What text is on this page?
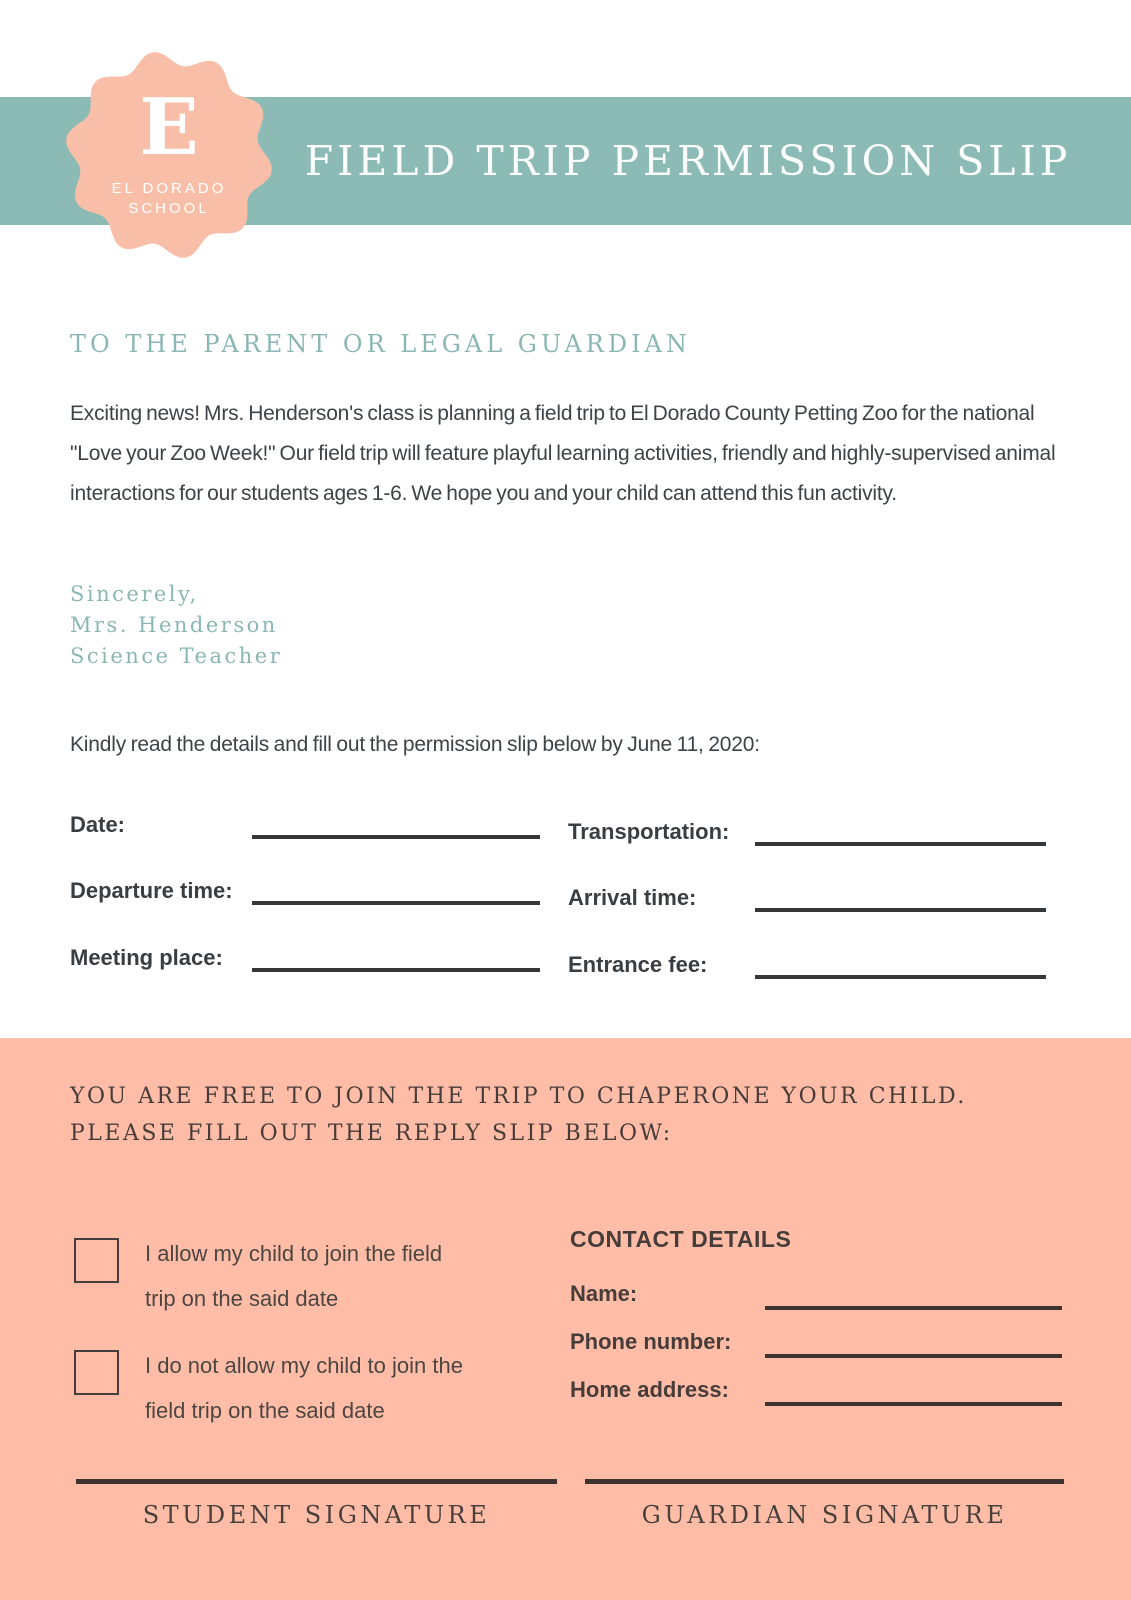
FIELD TRIP PERMISSION SLIP
E
EL DORADO
SCHOOL
TO THE PARENT OR LEGAL GUARDIAN

Exciting news! Mrs. Henderson's class is planning a field trip to El Dorado County Petting Zoo for the national "Love your Zoo Week!" Our field trip will feature playful learning activities, friendly and highly-supervised animal interactions for our students ages 1-6. We hope you and your child can attend this fun activity.

Sincerely,
Mrs. Henderson
Science Teacher

Kindly read the details and fill out the permission slip below by June 11, 2020:

Date:
Departure time:
Meeting place:
Transportation:
Arrival time:
Entrance fee:
YOU ARE FREE TO JOIN THE TRIP TO CHAPERONE YOUR CHILD.
PLEASE FILL OUT THE REPLY SLIP BELOW:
I allow my child to join the field
trip on the said date
I do not allow my child to join the
field trip on the said date
CONTACT DETAILS
Name:
Phone number:
Home address:
STUDENT SIGNATURE	GUARDIAN SIGNATURE
